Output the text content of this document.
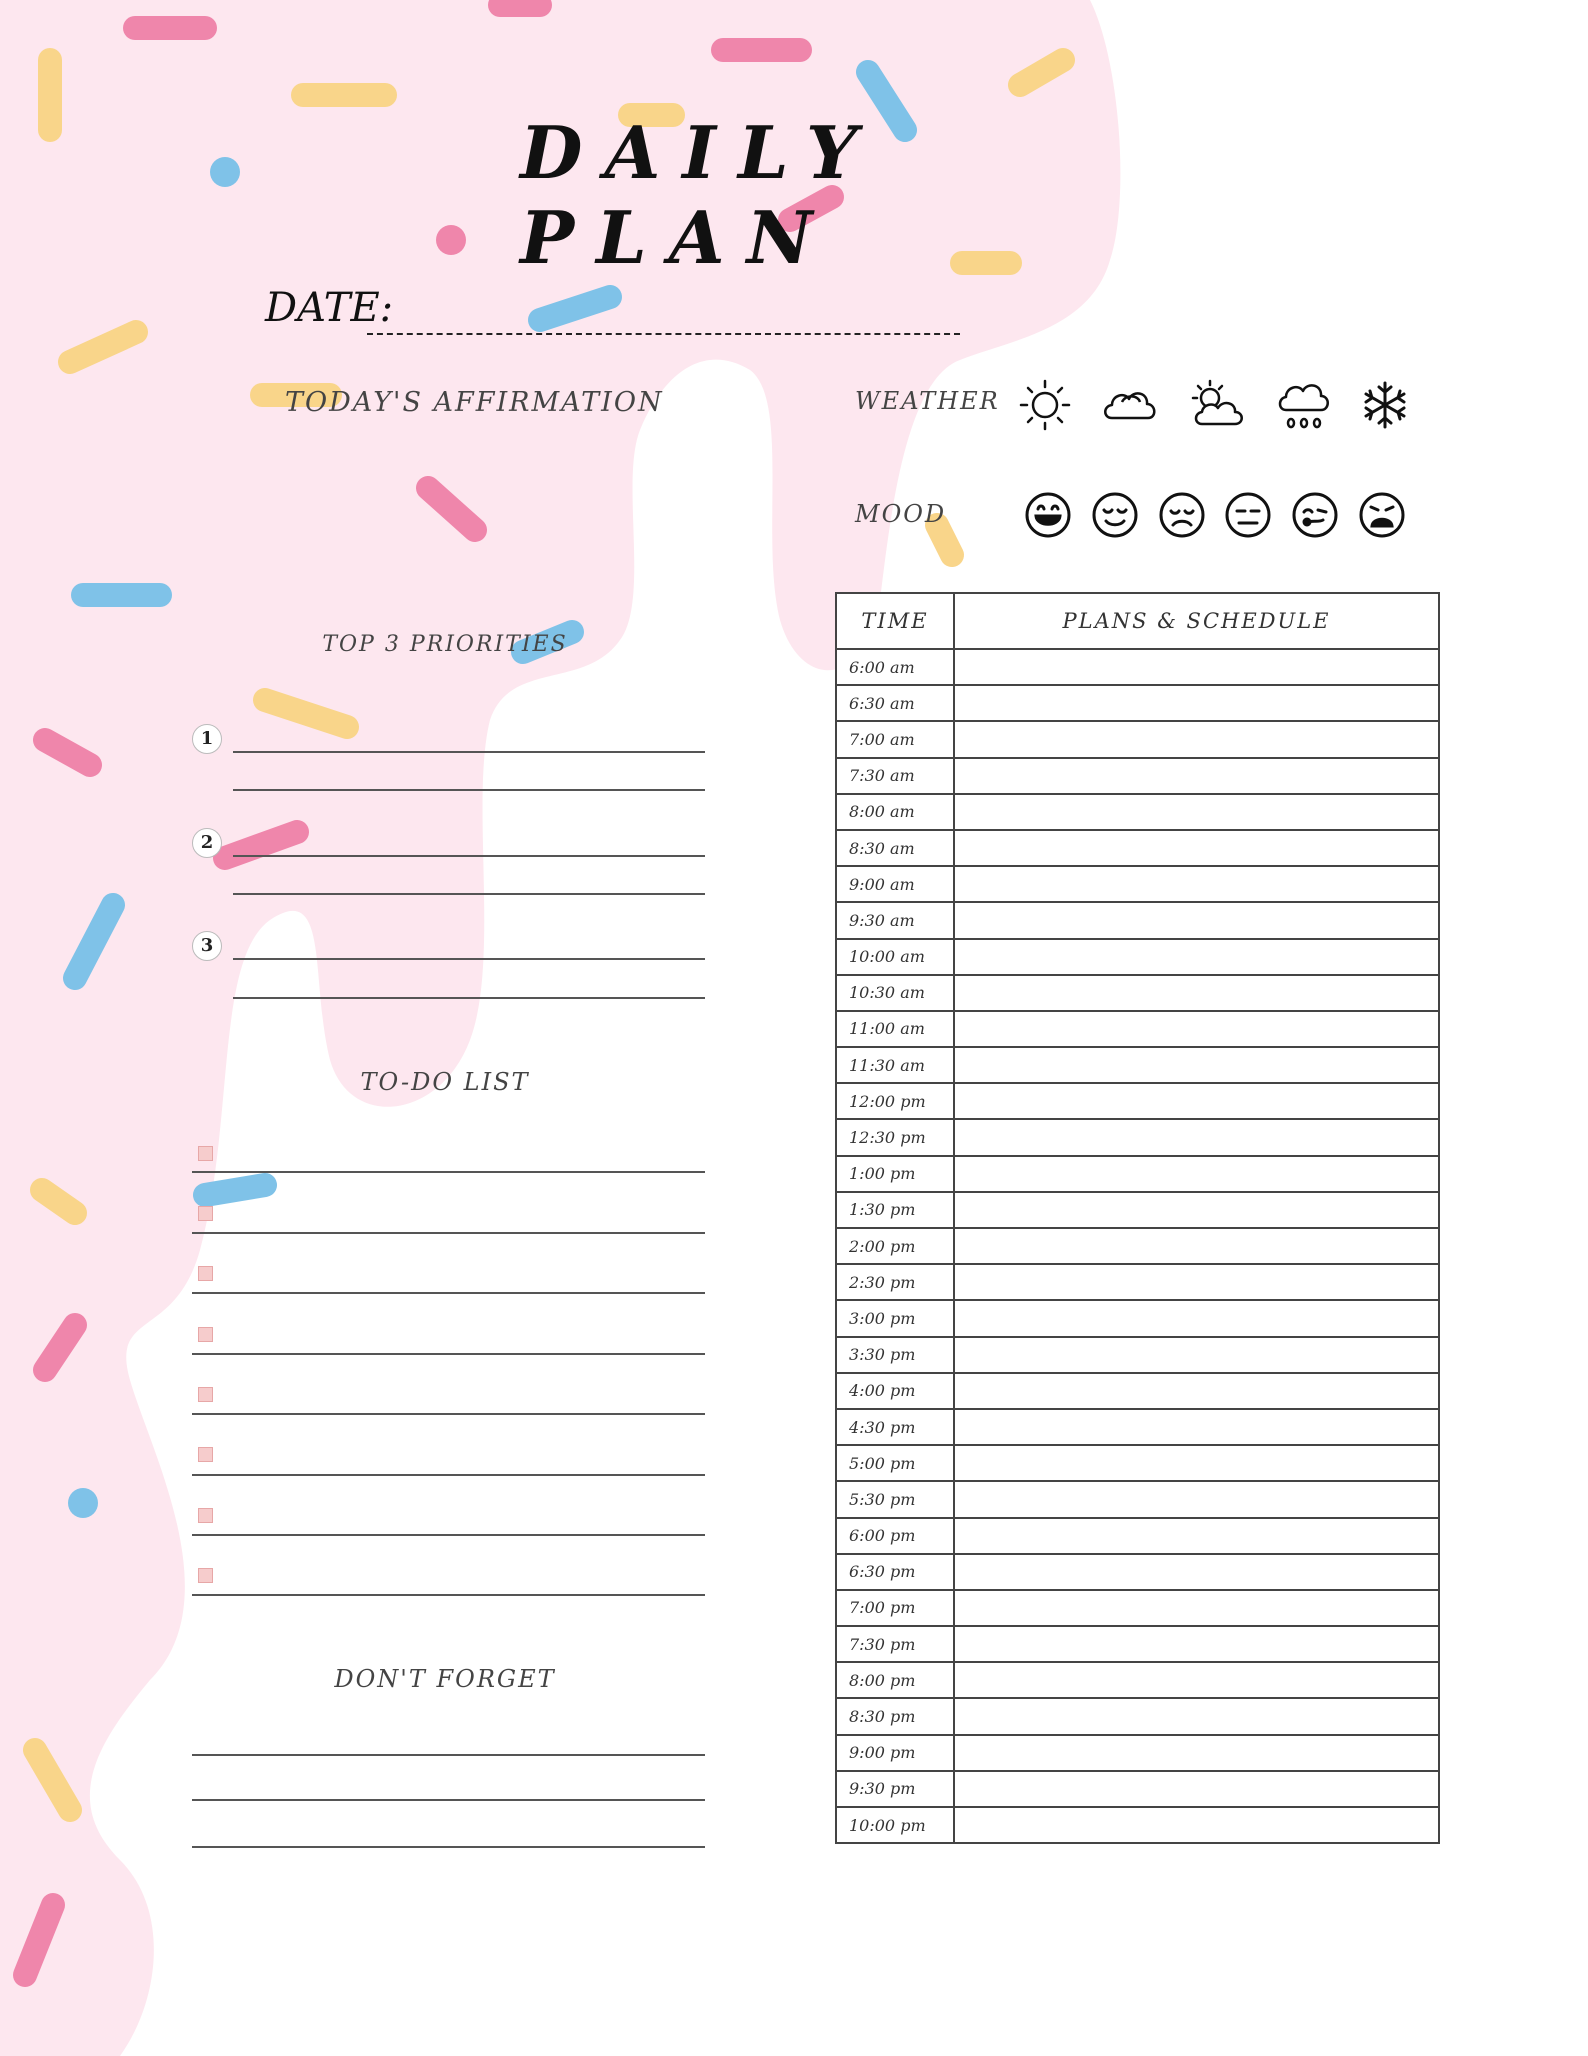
DAILY PLAN
DATE:
TODAY'S AFFIRMATION	WEATHER
MOOD
TOP 3 PRIORITIES
1
2
3
TO-DO LIST
DON'T FORGET
TIME	PLANS & SCHEDULE
6:00 am	
6:30 am	
7:00 am	
7:30 am	
8:00 am	
8:30 am	
9:00 am	
9:30 am	
10:00 am	
10:30 am	
11:00 am	
11:30 am	
12:00 pm	
12:30 pm	
1:00 pm	
1:30 pm	
2:00 pm	
2:30 pm	
3:00 pm	
3:30 pm	
4:00 pm	
4:30 pm	
5:00 pm	
5:30 pm	
6:00 pm	
6:30 pm	
7:00 pm	
7:30 pm	
8:00 pm	
8:30 pm	
9:00 pm	
9:30 pm	
10:00 pm	
